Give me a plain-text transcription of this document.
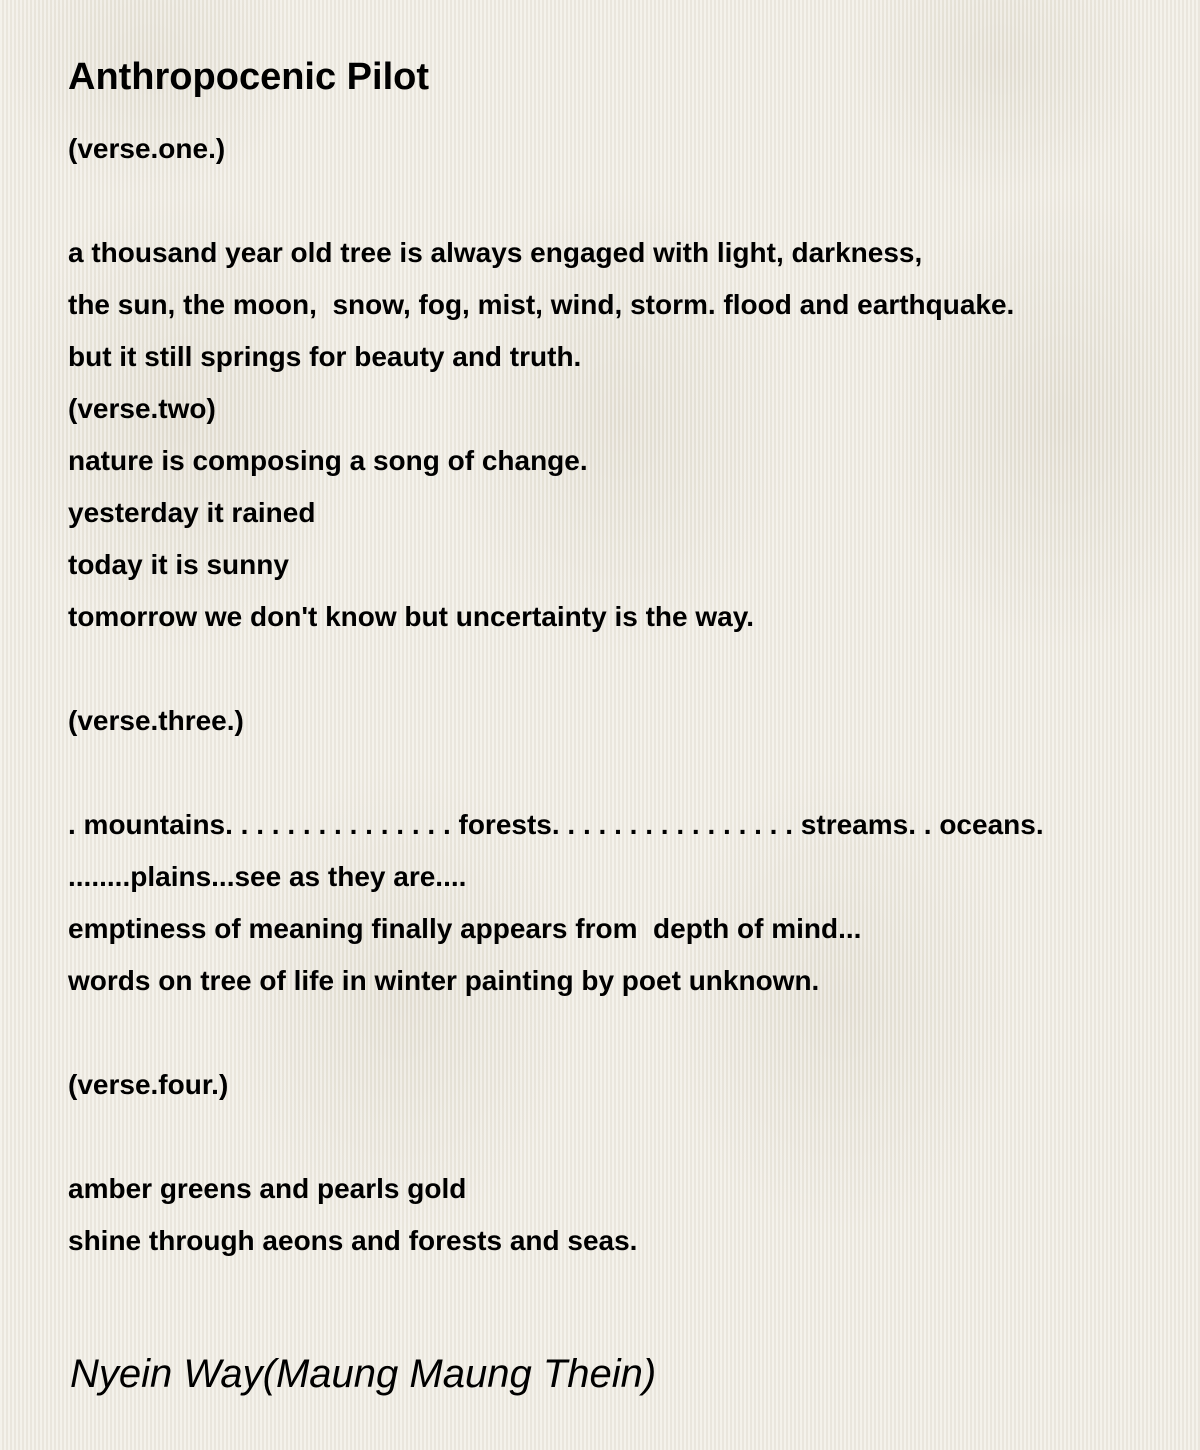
Anthropocenic Pilot
(verse.one.)
a thousand year old tree is always engaged with light, darkness,
the sun, the moon,  snow, fog, mist, wind, storm. flood and earthquake.
but it still springs for beauty and truth.
(verse.two)
nature is composing a song of change.
yesterday it rained
today it is sunny
tomorrow we don't know but uncertainty is the way.
(verse.three.)
. mountains. . . . . . . . . . . . . . . forests. . . . . . . . . . . . . . . . streams. . oceans.
........plains...see as they are....
emptiness of meaning finally appears from  depth of mind...
words on tree of life in winter painting by poet unknown.
(verse.four.)
amber greens and pearls gold
shine through aeons and forests and seas.
Nyein Way(Maung Maung Thein)
